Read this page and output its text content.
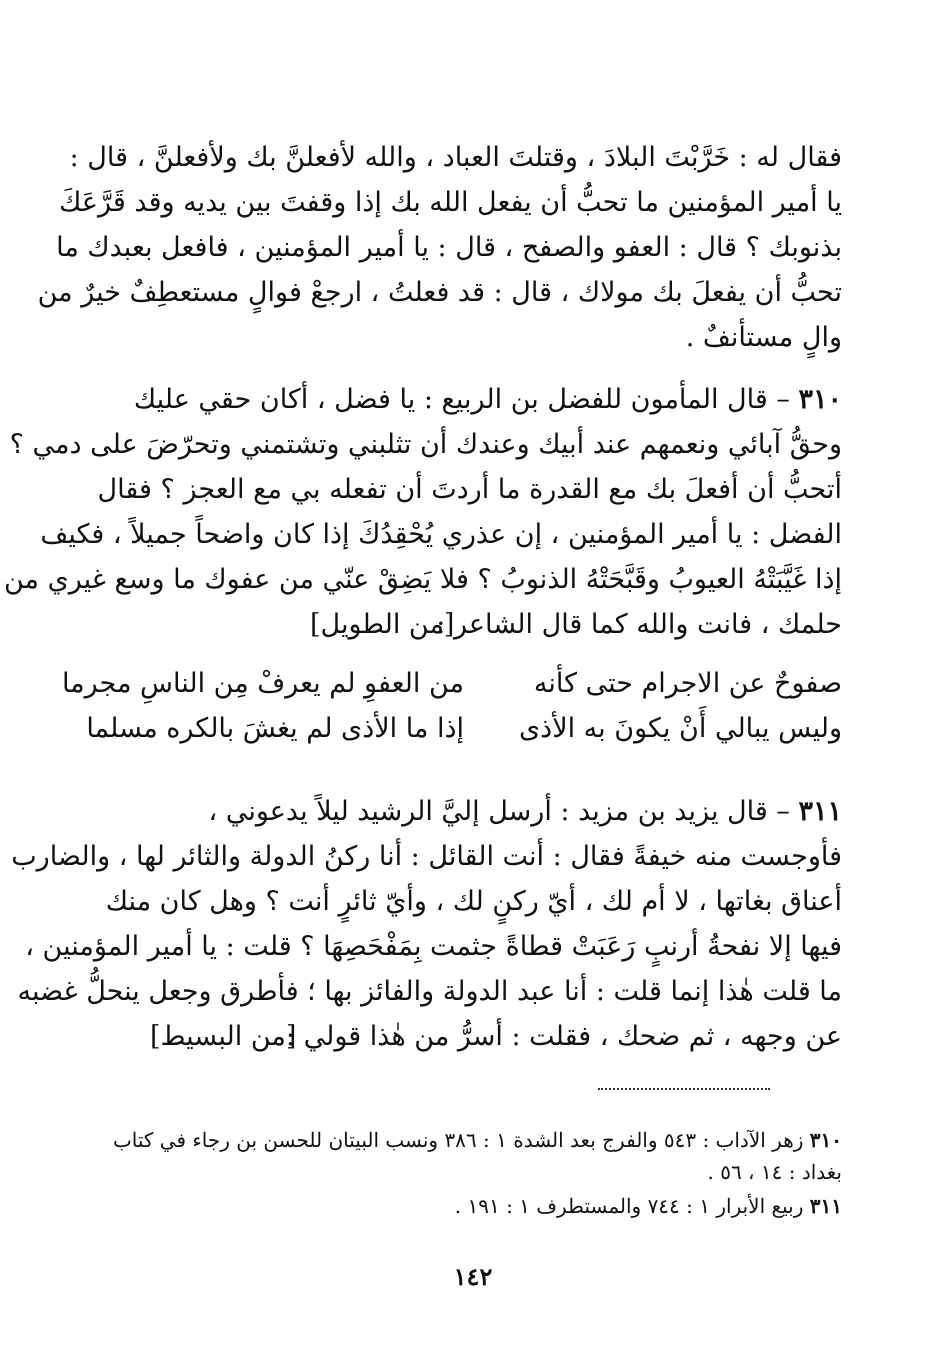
فقال له : خَرَّبْتَ البلادَ ، وقتلتَ العباد ، والله لأفعلنَّ بك ولأفعلنَّ ، قال :

يا أمير المؤمنين ما تحبُّ أن يفعل الله بك إذا وقفتَ بين يديه وقد قَرَّعَكَ

بذنوبك ؟ قال : العفو والصفح ، قال : يا أمير المؤمنين ، فافعل بعبدك ما

تحبُّ أن يفعلَ بك مولاك ، قال : قد فعلتُ ، ارجعْ فوالٍ مستعطِفٌ خيرٌ من

والٍ مستأنفٌ .

٣١٠ – قال المأمون للفضل بن الربيع : يا فضل ، أكان حقي عليك

وحقُّ آبائي ونعمهم عند أبيك وعندك أن تثلبني وتشتمني وتحرّضَ على دمي ؟

أتحبُّ أن أفعلَ بك مع القدرة ما أردتَ أن تفعله بي مع العجز ؟ فقال

الفضل : يا أمير المؤمنين ، إن عذري يُحْقِدُكَ إذا كان واضحاً جميلاً ، فكيف

إذا غَيَّبَتْهُ العيوبُ وقَبَّحَتْهُ الذنوبُ ؟ فلا يَضِقْ عنّي من عفوك ما وسع غيري من

حلمك ، فانت والله كما قال الشاعر :

[من الطويل]
صفوحٌ عن الاجرام حتى كأنه
من العفوِ لم يعرفْ مِن الناسِ مجرما
وليس يبالي أَنْ يكونَ به الأذى
إذا ما الأذى لم يغشَ بالكره مسلما

٣١١ – قال يزيد بن مزيد : أرسل إليَّ الرشيد ليلاً يدعوني ،

فأوجست منه خيفةً فقال : أنت القائل : أنا ركنُ الدولة والثائر لها ، والضارب

أعناق بغاتها ، لا أم لك ، أيّ ركنٍ لك ، وأيّ ثائرٍ أنت ؟ وهل كان منك

فيها إلا نفحةُ أرنبٍ رَعَبَتْ قطاةً جثمت بِمَفْحَصِهَا ؟ قلت : يا أمير المؤمنين ،

ما قلت هٰذا إنما قلت : أنا عبد الدولة والفائز بها ؛ فأطرق وجعل ينحلُّ غضبه

عن وجهه ، ثم ضحك ، فقلت : أسرُّ من هٰذا قولي :

[من البسيط]
٣١٠ زهر الآداب : ٥٤٣ والفرج بعد الشدة ١ : ٣٨٦ ونسب البيتان للحسن بن رجاء في كتاب
بغداد : ١٤ ، ٥٦ .
٣١١ ربيع الأبرار ١ : ٧٤٤ والمستطرف ١ : ١٩١ .
١٤٢
